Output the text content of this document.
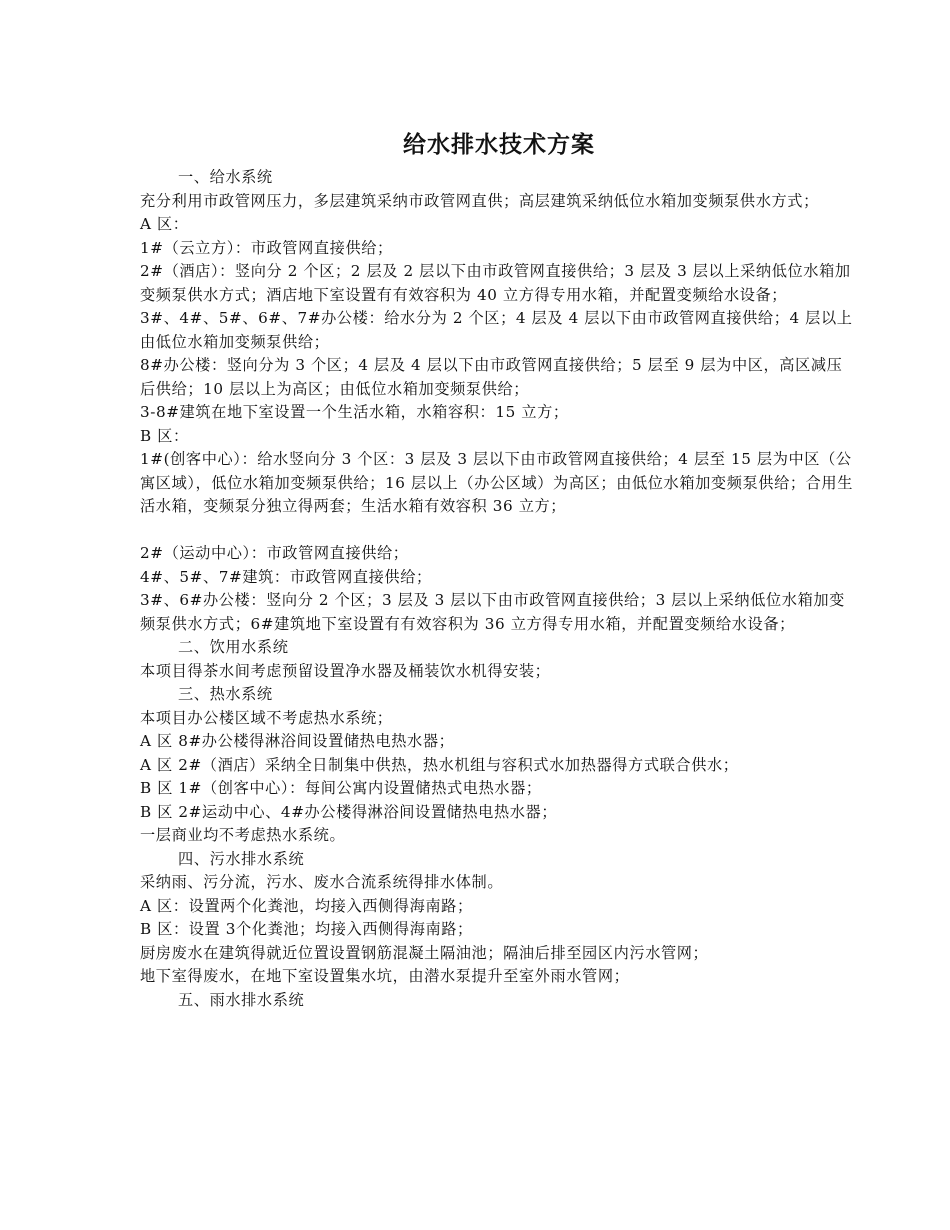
给水排水技术方案

一、给水系统

充分利用市政管网压力，多层建筑采纳市政管网直供；高层建筑采纳低位水箱加变频泵供水方式；

A 区：

1#（云立方）：市政管网直接供给；

2#（酒店）：竖向分 2 个区；2 层及 2 层以下由市政管网直接供给；3 层及 3 层以上采纳低位水箱加变频泵供水方式；酒店地下室设置有有效容积为 40 立方得专用水箱，并配置变频给水设备；

3#、4#、5#、6#、7#办公楼：给水分为 2 个区；4 层及 4 层以下由市政管网直接供给；4 层以上由低位水箱加变频泵供给；

8#办公楼：竖向分为 3 个区；4 层及 4 层以下由市政管网直接供给；5 层至 9 层为中区，高区减压后供给；10 层以上为高区；由低位水箱加变频泵供给；

3-8#建筑在地下室设置一个生活水箱，水箱容积：15 立方；

B 区：

1#(创客中心）：给水竖向分 3 个区：3 层及 3 层以下由市政管网直接供给；4 层至 15 层为中区（公寓区域），低位水箱加变频泵供给；16 层以上（办公区域）为高区；由低位水箱加变频泵供给；合用生活水箱，变频泵分独立得两套；生活水箱有效容积 36 立方；

2#（运动中心）：市政管网直接供给；

4#、5#、7#建筑：市政管网直接供给；

3#、6#办公楼：竖向分 2 个区；3 层及 3 层以下由市政管网直接供给；3 层以上采纳低位水箱加变频泵供水方式；6#建筑地下室设置有有效容积为 36 立方得专用水箱，并配置变频给水设备；

二、饮用水系统

本项目得茶水间考虑预留设置净水器及桶装饮水机得安装；

三、热水系统

本项目办公楼区域不考虑热水系统；

A 区 8#办公楼得淋浴间设置储热电热水器；

A 区 2#（酒店）采纳全日制集中供热，热水机组与容积式水加热器得方式联合供水；

B 区 1#（创客中心）：每间公寓内设置储热式电热水器；

B 区 2#运动中心、4#办公楼得淋浴间设置储热电热水器；

一层商业均不考虑热水系统。

四、污水排水系统

采纳雨、污分流，污水、废水合流系统得排水体制。

A 区：设置两个化粪池，均接入西侧得海南路；

B 区：设置 3个化粪池；均接入西侧得海南路；

厨房废水在建筑得就近位置设置钢筋混凝土隔油池；隔油后排至园区内污水管网；

地下室得废水，在地下室设置集水坑，由潜水泵提升至室外雨水管网；

五、雨水排水系统
